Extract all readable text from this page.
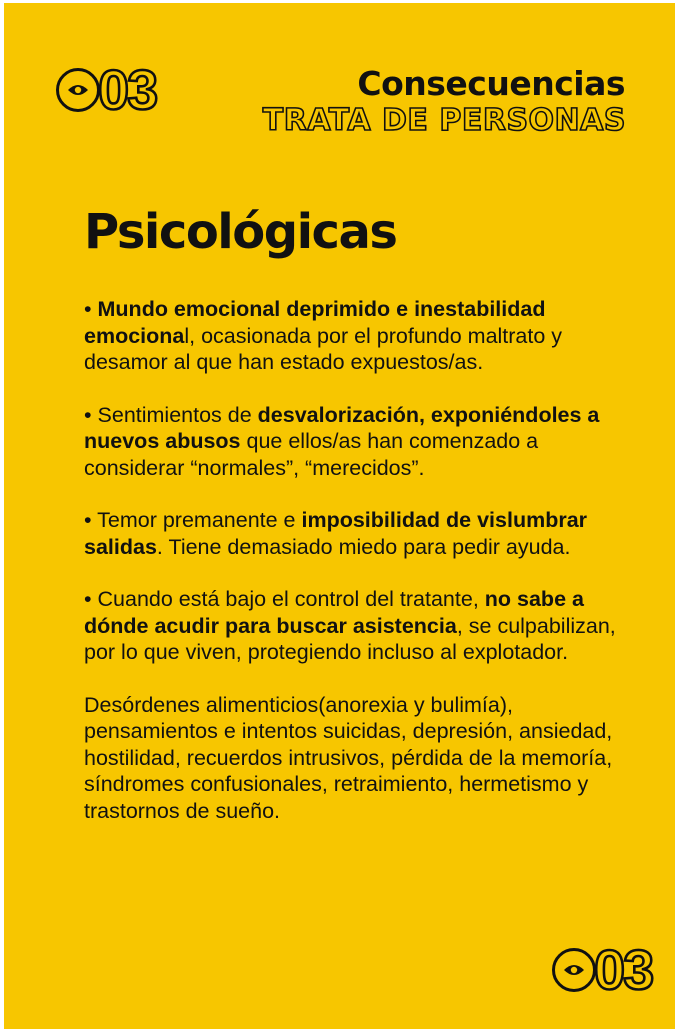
03	Consecuencias
TRATA DE PERSONAS
Psicológicas

• Mundo emocional deprimido e inestabilidad emocional, ocasionada por el profundo maltrato y desamor al que han estado expuestos/as.

• Sentimientos de desvalorización, exponiéndoles a nuevos abusos que ellos/as han comenzado a considerar “normales”, “merecidos”.

• Temor premanente e imposibilidad de vislumbrar salidas. Tiene demasiado miedo para pedir ayuda.

• Cuando está bajo el control del tratante, no sabe a dónde acudir para buscar asistencia, se culpabilizan, por lo que viven, protegiendo incluso al explotador.

Desórdenes alimenticios(anorexia y bulimía), pensamientos e intentos suicidas, depresión, ansiedad, hostilidad, recuerdos intrusivos, pérdida de la memoría, síndromes confusionales, retraimiento, hermetismo y trastornos de sueño.

03
